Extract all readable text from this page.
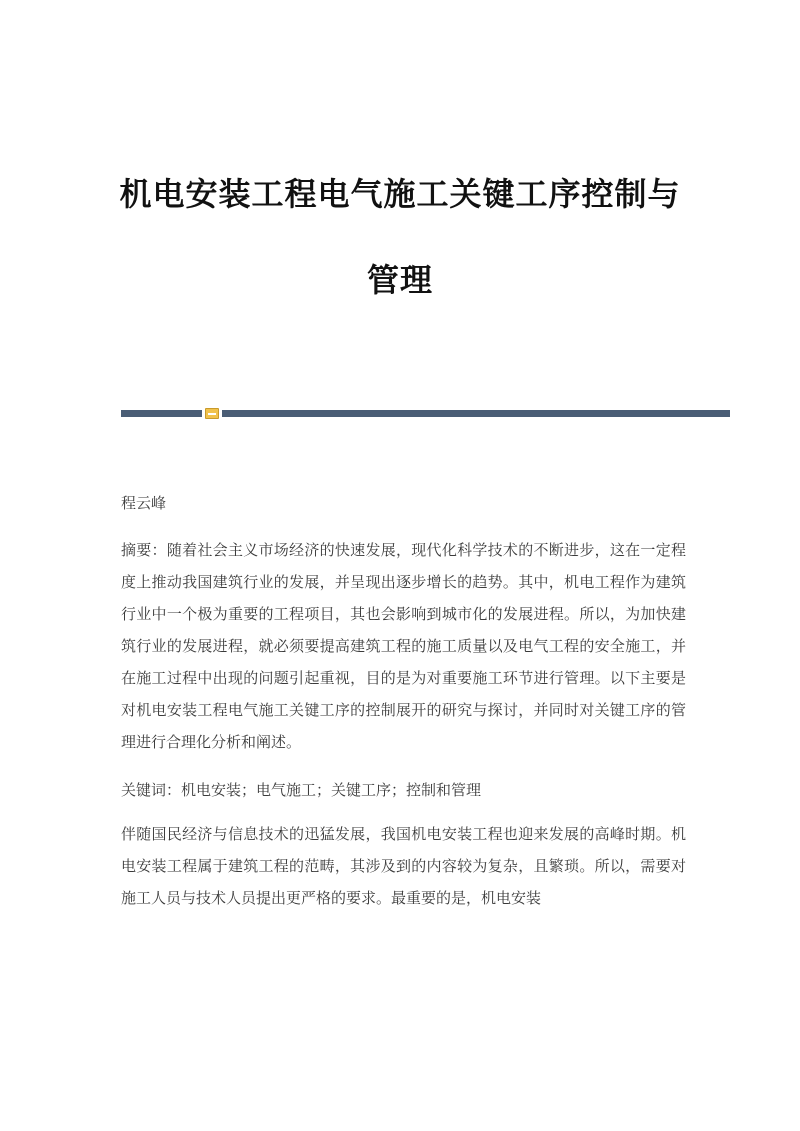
机电安装工程电气施工关键工序控制与
管理

程云峰

摘要：随着社会主义市场经济的快速发展，现代化科学技术的不断进步，这在一定程度上推动我国建筑行业的发展，并呈现出逐步增长的趋势。其中，机电工程作为建筑行业中一个极为重要的工程项目，其也会影响到城市化的发展进程。所以，为加快建筑行业的发展进程，就必须要提高建筑工程的施工质量以及电气工程的安全施工，并在施工过程中出现的问题引起重视，目的是为对重要施工环节进行管理。以下主要是对机电安装工程电气施工关键工序的控制展开的研究与探讨，并同时对关键工序的管理进行合理化分析和阐述。

关键词：机电安装；电气施工；关键工序；控制和管理

伴随国民经济与信息技术的迅猛发展，我国机电安装工程也迎来发展的高峰时期。机电安装工程属于建筑工程的范畴，其涉及到的内容较为复杂，且繁琐。所以，需要对施工人员与技术人员提出更严格的要求。最重要的是，机电安装
